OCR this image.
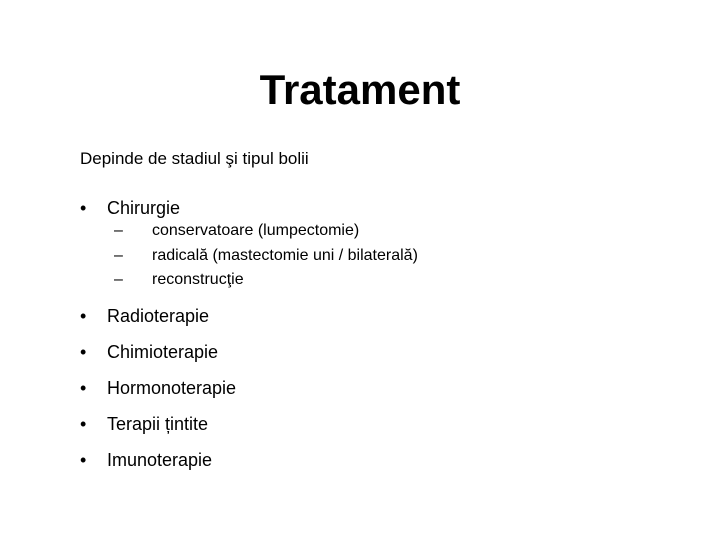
Tratament
Depinde de stadiul şi tipul bolii
• Chirurgie
– conservatoare (lumpectomie)
– radicală (mastectomie uni / bilaterală)
– reconstrucţie
• Radioterapie
• Chimioterapie
• Hormonoterapie
• Terapii țintite
• Imunoterapie
